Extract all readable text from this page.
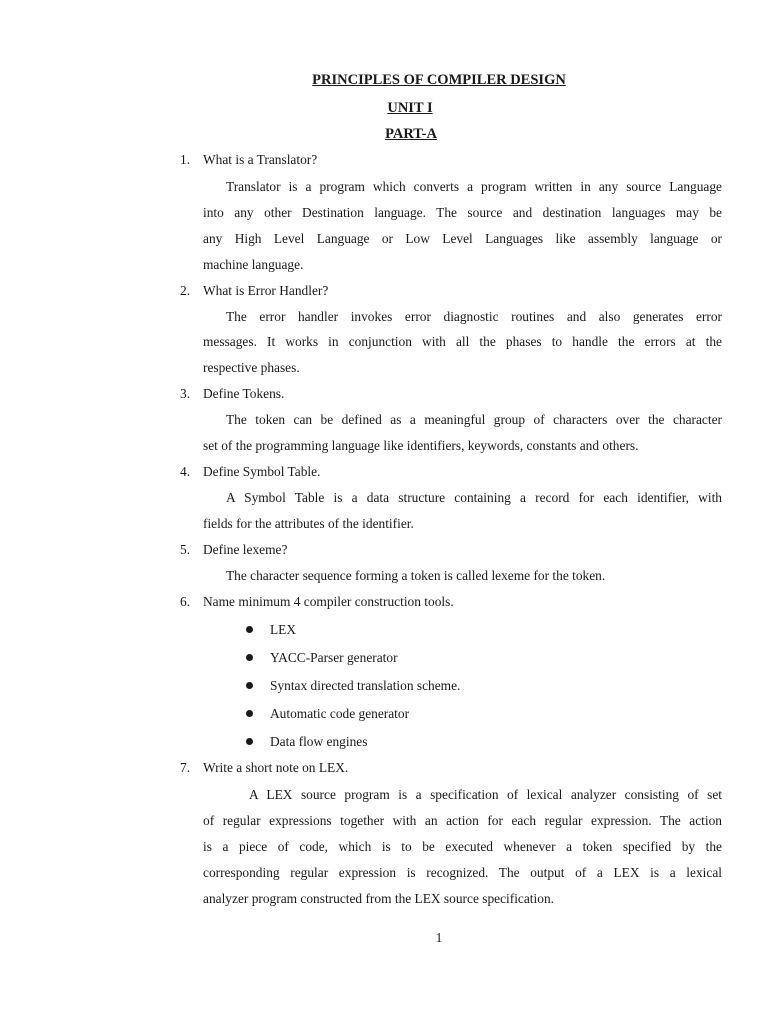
PRINCIPLES OF COMPILER DESIGN
UNIT I
PART-A
1. What is a Translator?
Translator is a program which converts a program written in any source Language
into any other Destination language. The source and destination languages may be
any High Level Language or Low Level Languages like assembly language or
machine language.
2. What is Error Handler?
The error handler invokes error diagnostic routines and also generates error
messages. It works in conjunction with all the phases to handle the errors at the
respective phases.
3. Define Tokens.
The token can be defined as a meaningful group of characters over the character
set of the programming language like identifiers, keywords, constants and others.
4. Define Symbol Table.
A Symbol Table is a data structure containing a record for each identifier, with
fields for the attributes of the identifier.
5. Define lexeme?
The character sequence forming a token is called lexeme for the token.
6. Name minimum 4 compiler construction tools.
LEX
YACC-Parser generator
Syntax directed translation scheme.
Automatic code generator
Data flow engines
7. Write a short note on LEX.
A LEX source program is a specification of lexical analyzer consisting of set
of regular expressions together with an action for each regular expression. The action
is a piece of code, which is to be executed whenever a token specified by the
corresponding regular expression is recognized. The output of a LEX is a lexical
analyzer program constructed from the LEX source specification.
1
